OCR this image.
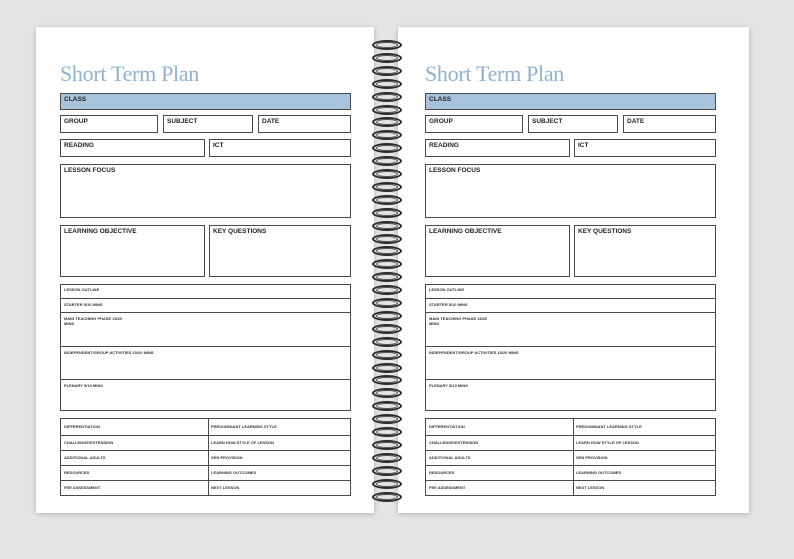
Short Term Plan
CLASS
GROUP	SUBJECT	DATE
READING	ICT
LESSON FOCUS
LEARNING OBJECTIVE	KEY QUESTIONS
LESSON OUTLINE
STARTER 5/10 MINS
MAIN TEACHING PHASE 15/20 MINS
INDEPENDENT/GROUP ACTIVITIES 15/20 MINS
PLENARY 5/10 MINS
DIFFERENTIATION	PREDOMINANT LEARNING STYLE
CHALLENGE/EXTENSION	LEARN HOW STYLE OF LESSON
ADDITIONAL ADULTS	SEN PROVISION
RESOURCES	LEARNING OUTCOMES
FEE ASSESSMENT	NEXT LESSON
Short Term Plan
CLASS
GROUP	SUBJECT	DATE
READING	ICT
LESSON FOCUS
LEARNING OBJECTIVE	KEY QUESTIONS
LESSON OUTLINE
STARTER 5/10 MINS
MAIN TEACHING PHASE 15/20 MINS
INDEPENDENT/GROUP ACTIVITIES 15/20 MINS
PLENARY 5/10 MINS
DIFFERENTIATION	PREDOMINANT LEARNING STYLE
CHALLENGE/EXTENSION	LEARN HOW STYLE OF LESSON
ADDITIONAL ADULTS	SEN PROVISION
RESOURCES	LEARNING OUTCOMES
FEE ASSESSMENT	NEXT LESSON
